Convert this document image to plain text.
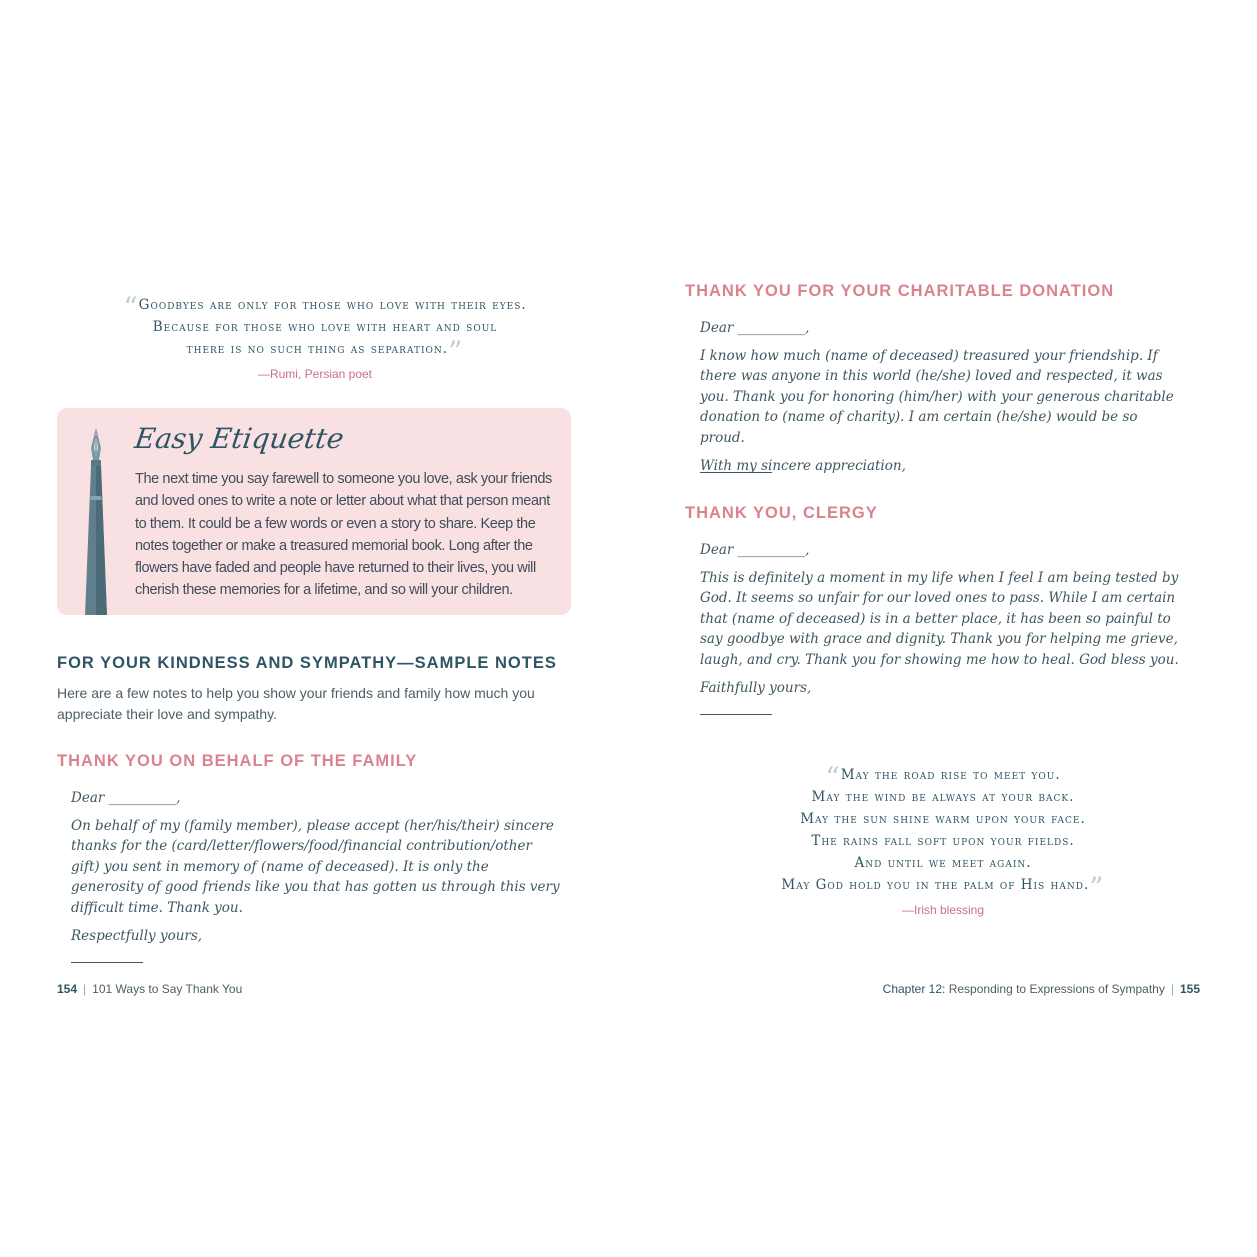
“Goodbyes are only for those who love with their eyes.
Because for those who love with heart and soul
there is no such thing as separation.”
—Rumi, Persian poet
Easy Etiquette
The next time you say farewell to someone you love, ask your friends and loved ones to write a note or letter about what that person meant to them. It could be a few words or even a story to share. Keep the notes together or make a treasured memorial book. Long after the flowers have faded and people have returned to their lives, you will cherish these memories for a lifetime, and so will your children.
FOR YOUR KINDNESS AND SYMPATHY—SAMPLE NOTES
Here are a few notes to help you show your friends and family how much you appreciate their love and sympathy.
THANK YOU ON BEHALF OF THE FAMILY

Dear __________,

On behalf of my (family member), please accept (her/his/their) sincere thanks for the (card/letter/flowers/food/financial contribution/other gift) you sent in memory of (name of deceased). It is only the generosity of good friends like you that has gotten us through this very difficult time. Thank you.

Respectfully yours,

154 | 101 Ways to Say Thank You
THANK YOU FOR YOUR CHARITABLE DONATION

Dear __________,

I know how much (name of deceased) treasured your friendship. If there was anyone in this world (he/she) loved and respected, it was you. Thank you for honoring (him/her) with your generous charitable donation to (name of charity). I am certain (he/she) would be so proud.

With my sincere appreciation,

THANK YOU, CLERGY

Dear __________,

This is definitely a moment in my life when I feel I am being tested by God. It seems so unfair for our loved ones to pass. While I am certain that (name of deceased) is in a better place, it has been so painful to say goodbye with grace and dignity. Thank you for helping me grieve, laugh, and cry. Thank you for showing me how to heal. God bless you.

Faithfully yours,

“May the road rise to meet you.
May the wind be always at your back.
May the sun shine warm upon your face.
The rains fall soft upon your fields.
And until we meet again.
May God hold you in the palm of His hand.”
—Irish blessing
Chapter 12: Responding to Expressions of Sympathy | 155
